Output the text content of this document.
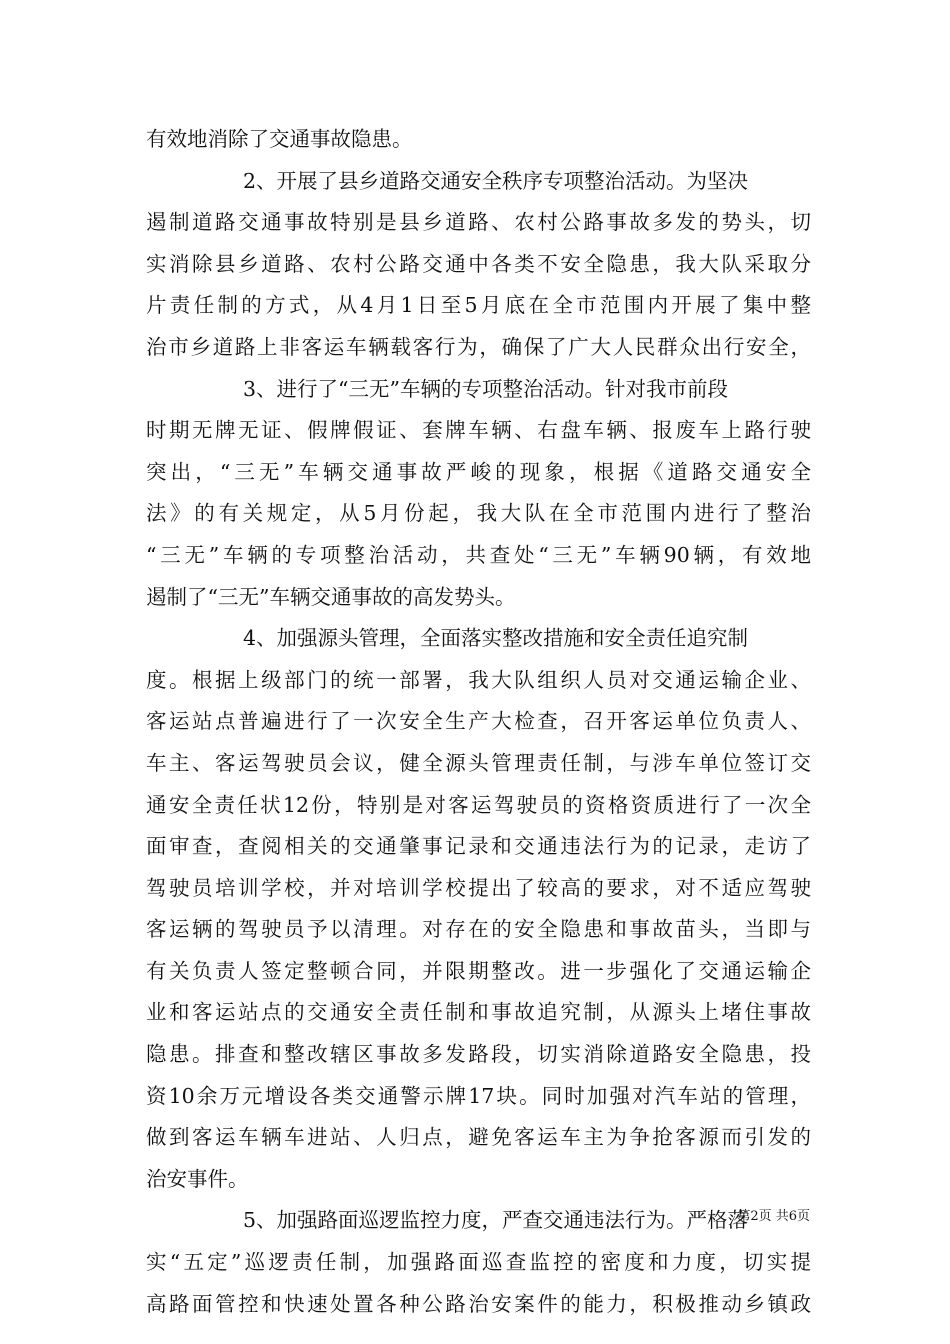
有效地消除了交通事故隐患。
2、开展了县乡道路交通安全秩序专项整治活动。为坚决
遏制道路交通事故特别是县乡道路、农村公路事故多发的势头，切
实消除县乡道路、农村公路交通中各类不安全隐患，我大队采取分
片责任制的方式，从4月1日至5月底在全市范围内开展了集中整
治市乡道路上非客运车辆载客行为，确保了广大人民群众出行安全，
3、进行了“三无”车辆的专项整治活动。针对我市前段
时期无牌无证、假牌假证、套牌车辆、右盘车辆、报废车上路行驶
突出，“三无”车辆交通事故严峻的现象，根据《道路交通安全
法》的有关规定，从5月份起，我大队在全市范围内进行了整治
“三无”车辆的专项整治活动，共查处“三无”车辆90辆，有效地
遏制了“三无”车辆交通事故的高发势头。
4、加强源头管理，全面落实整改措施和安全责任追究制
度。根据上级部门的统一部署，我大队组织人员对交通运输企业、
客运站点普遍进行了一次安全生产大检查，召开客运单位负责人、
车主、客运驾驶员会议，健全源头管理责任制，与涉车单位签订交
通安全责任状12份，特别是对客运驾驶员的资格资质进行了一次全
面审查，查阅相关的交通肇事记录和交通违法行为的记录，走访了
驾驶员培训学校，并对培训学校提出了较高的要求，对不适应驾驶
客运辆的驾驶员予以清理。对存在的安全隐患和事故苗头，当即与
有关负责人签定整顿合同，并限期整改。进一步强化了交通运输企
业和客运站点的交通安全责任制和事故追究制，从源头上堵住事故
隐患。排查和整改辖区事故多发路段，切实消除道路安全隐患，投
资10余万元增设各类交通警示牌17块。同时加强对汽车站的管理，
做到客运车辆车进站、人归点，避免客运车主为争抢客源而引发的
治安事件。
5、加强路面巡逻监控力度，严查交通违法行为。严格落
实“五定”巡逻责任制，加强路面巡查监控的密度和力度，切实提
高路面管控和快速处置各种公路治安案件的能力，积极推动乡镇政
第2页 共6页
